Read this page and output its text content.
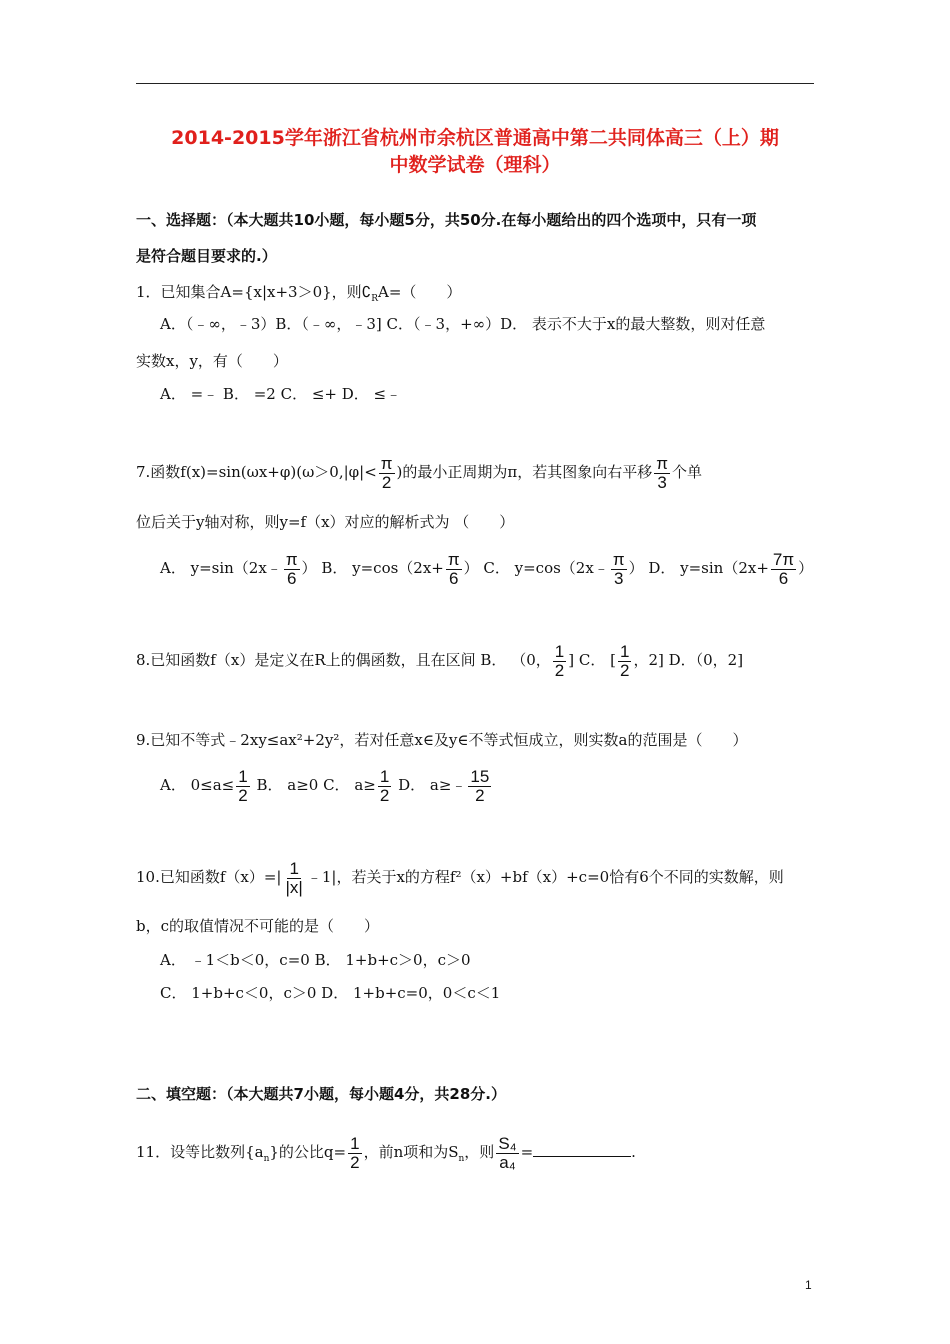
2014-2015学年浙江省杭州市余杭区普通高中第二共同体高三（上）期
中数学试卷（理科）
一、选择题：（本大题共10小题，每小题5分，共50分.在每小题给出的四个选项中，只有一项
是符合题目要求的.）
1．已知集合A={x|x+3＞0}，则$∁_RA=$（　　）
A．（﹣∞，﹣3）B．（﹣∞，﹣3] C．（﹣3，+∞）D． 表示不大于x的最大整数，则对任意
实数x，y，有（　　）
A． =﹣ B． =2 C． ≤+ D． ≤﹣
7.函数$f(x)=\sin(\omega x+\varphi)(\omega>0,|\varphi|< \frac{\pi}{2}$ )的最小正周期为π，若其图象向右平移 $\frac{\pi}{3}$ 个单
位后关于y轴对称，则y=f（x）对应的解析式为 （　　）
A． y=sin（2x﹣ $\frac{\pi}{6}$ ） B． $y=\cos(2x+ \frac{\pi}{6}$ ） C． y=cos（2x﹣ $\frac{\pi}{3}$ ） D． $y=\sin(2x+ \frac{7\pi}{6}$ ）
8.已知函数f（x）是定义在R上的偶函数，且在区间 B． （0， $\frac{1}{2}$ ] C． [ $\frac{1}{2}$ ，2] D．（0，2]
9.已知不等式﹣2xy≤ax²+2y²，若对任意x∈及y∈不等式恒成立，则实数a的范围是（　　）
A． $0\le a\le \frac{1}{2}$ B． a≥0 C． $a\ge \frac{1}{2}$ D． a≥﹣ $\frac{15}{2}$
10.已知函数$f(x)=| \frac{1}{|x|}$ ﹣1|，若关于x的方程f²（x）+bf（x）+c=0恰有6个不同的实数解，则
b，c的取值情况不可能的是（　　）
A． ﹣1＜b＜0，c=0 B． 1+b+c＞0，c＞0
C． 1+b+c＜0，c＞0 D． 1+b+c=0，0＜c＜1
二、填空题：（本大题共7小题，每小题4分，共28分.）
11．设等比数列$\{a_n\}$的公比$q= \frac{1}{2}$ ，前n项和为$S_n$，则 $\frac{\text{S₄}}{\text{a₄}}$ =	.
1
